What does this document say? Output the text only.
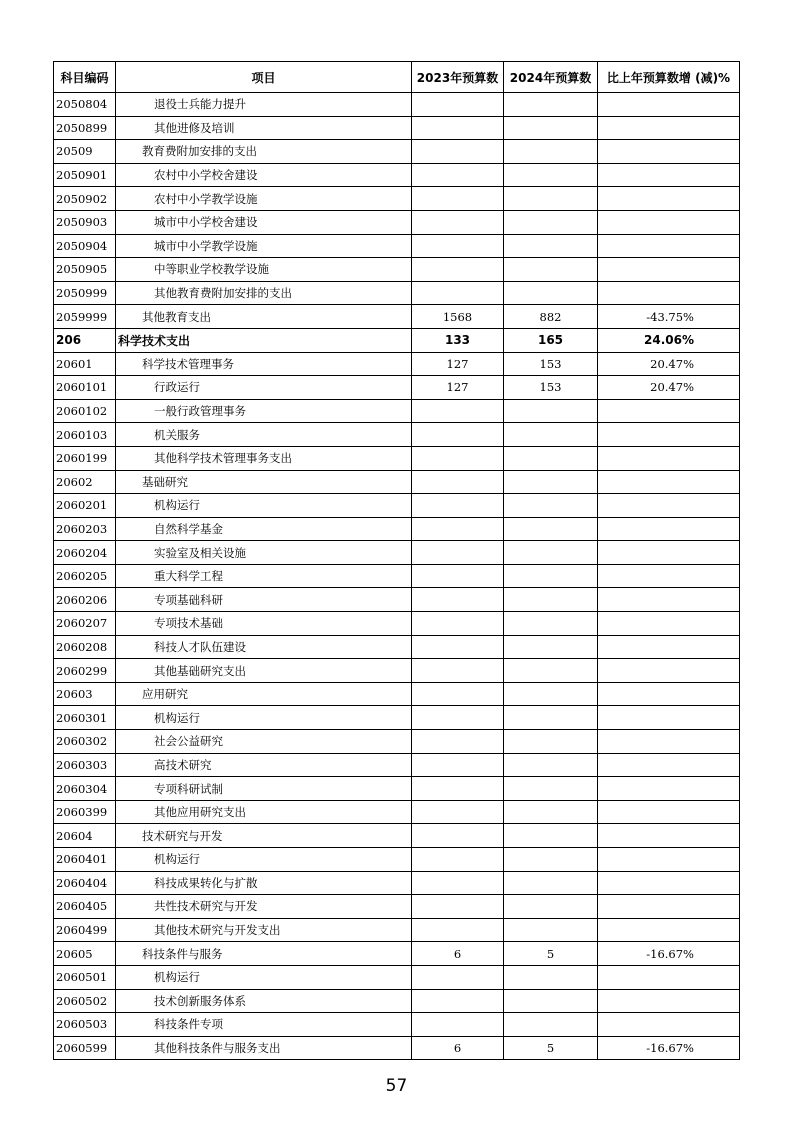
科目编码	项目	2023年预算数	2024年预算数	比上年预算数增 (减)%
2050804	退役士兵能力提升			
2050899	其他进修及培训			
20509	教育费附加安排的支出			
2050901	农村中小学校舍建设			
2050902	农村中小学教学设施			
2050903	城市中小学校舍建设			
2050904	城市中小学教学设施			
2050905	中等职业学校教学设施			
2050999	其他教育费附加安排的支出			
2059999	其他教育支出	1568	882	-43.75%
206	科学技术支出	133	165	24.06%
20601	科学技术管理事务	127	153	20.47%
2060101	行政运行	127	153	20.47%
2060102	一般行政管理事务			
2060103	机关服务			
2060199	其他科学技术管理事务支出			
20602	基础研究			
2060201	机构运行			
2060203	自然科学基金			
2060204	实验室及相关设施			
2060205	重大科学工程			
2060206	专项基础科研			
2060207	专项技术基础			
2060208	科技人才队伍建设			
2060299	其他基础研究支出			
20603	应用研究			
2060301	机构运行			
2060302	社会公益研究			
2060303	高技术研究			
2060304	专项科研试制			
2060399	其他应用研究支出			
20604	技术研究与开发			
2060401	机构运行			
2060404	科技成果转化与扩散			
2060405	共性技术研究与开发			
2060499	其他技术研究与开发支出			
20605	科技条件与服务	6	5	-16.67%
2060501	机构运行			
2060502	技术创新服务体系			
2060503	科技条件专项			
2060599	其他科技条件与服务支出	6	5	-16.67%
57
